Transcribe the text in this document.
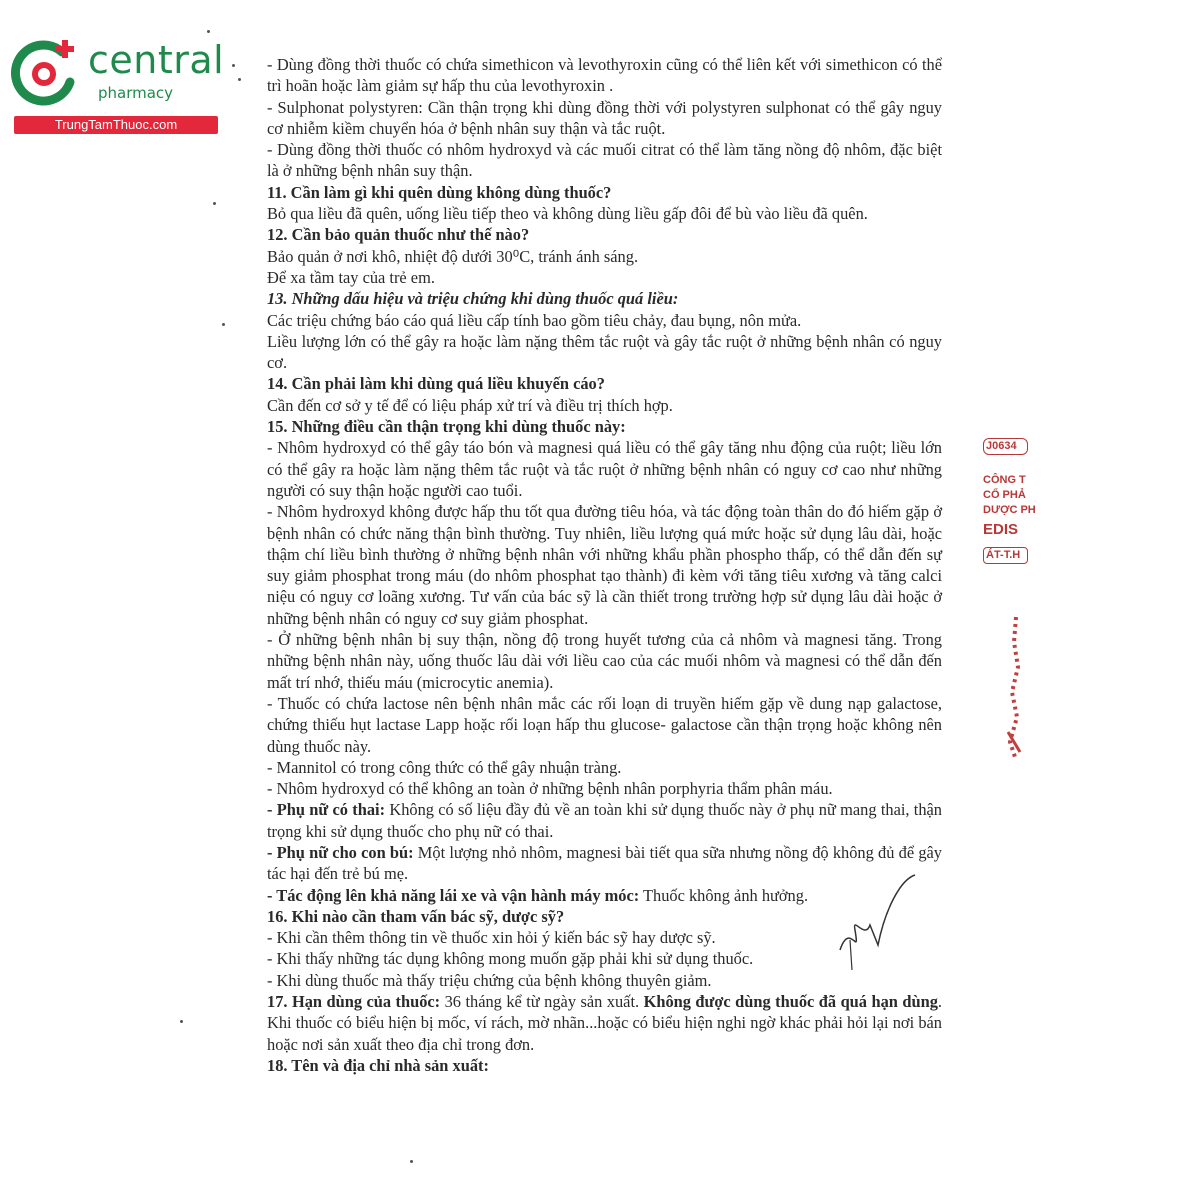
central
pharmacy
TrungTamThuoc.com

- Dùng đồng thời thuốc có chứa simethicon và levothyroxin cũng có thể liên kết với simethicon có thể trì hoãn hoặc làm giảm sự hấp thu của levothyroxin .

- Sulphonat polystyren: Cần thận trọng khi dùng đồng thời với polystyren sulphonat có thể gây nguy cơ nhiễm kiềm chuyển hóa ở bệnh nhân suy thận và tắc ruột.

- Dùng đồng thời thuốc có nhôm hydroxyd và các muối citrat có thể làm tăng nồng độ nhôm, đặc biệt là ở những bệnh nhân suy thận.

11. Cần làm gì khi quên dùng không dùng thuốc?

Bỏ qua liều đã quên, uống liều tiếp theo và không dùng liều gấp đôi để bù vào liều đã quên.

12. Cần bảo quản thuốc như thế nào?

Bảo quản ở nơi khô, nhiệt độ dưới 30⁰C, tránh ánh sáng.

Để xa tầm tay của trẻ em.

13. Những dấu hiệu và triệu chứng khi dùng thuốc quá liều:

Các triệu chứng báo cáo quá liều cấp tính bao gồm tiêu chảy, đau bụng, nôn mửa.

Liều lượng lớn có thể gây ra hoặc làm nặng thêm tắc ruột và gây tắc ruột ở những bệnh nhân có nguy cơ.

14. Cần phải làm khi dùng quá liều khuyến cáo?

Cần đến cơ sở y tế để có liệu pháp xử trí và điều trị thích hợp.

15. Những điều cần thận trọng khi dùng thuốc này:

- Nhôm hydroxyd có thể gây táo bón và magnesi quá liều có thể gây tăng nhu động của ruột; liều lớn có thể gây ra hoặc làm nặng thêm tắc ruột và tắc ruột ở những bệnh nhân có nguy cơ cao như những người có suy thận hoặc người cao tuổi.

- Nhôm hydroxyd không được hấp thu tốt qua đường tiêu hóa, và tác động toàn thân do đó hiếm gặp ở bệnh nhân có chức năng thận bình thường. Tuy nhiên, liều lượng quá mức hoặc sử dụng lâu dài, hoặc thậm chí liều bình thường ở những bệnh nhân với những khẩu phần phospho thấp, có thể dẫn đến sự suy giảm phosphat trong máu (do nhôm phosphat tạo thành) đi kèm với tăng tiêu xương và tăng calci niệu có nguy cơ loãng xương. Tư vấn của bác sỹ là cần thiết trong trường hợp sử dụng lâu dài hoặc ở những bệnh nhân có nguy cơ suy giảm phosphat.

- Ở những bệnh nhân bị suy thận, nồng độ trong huyết tương của cả nhôm và magnesi tăng. Trong những bệnh nhân này, uống thuốc lâu dài với liều cao của các muối nhôm và magnesi có thể dẫn đến mất trí nhớ, thiếu máu (microcytic anemia).

- Thuốc có chứa lactose nên bệnh nhân mắc các rối loạn di truyền hiếm gặp về dung nạp galactose, chứng thiếu hụt lactase Lapp hoặc rối loạn hấp thu glucose- galactose cần thận trọng hoặc không nên dùng thuốc này.

- Mannitol có trong công thức có thể gây nhuận tràng.

- Nhôm hydroxyd có thể không an toàn ở những bệnh nhân porphyria thẩm phân máu.

- Phụ nữ có thai: Không có số liệu đầy đủ về an toàn khi sử dụng thuốc này ở phụ nữ mang thai, thận trọng khi sử dụng thuốc cho phụ nữ có thai.

- Phụ nữ cho con bú: Một lượng nhỏ nhôm, magnesi bài tiết qua sữa nhưng nồng độ không đủ để gây tác hại đến trẻ bú mẹ.

- Tác động lên khả năng lái xe và vận hành máy móc: Thuốc không ảnh hưởng.

16. Khi nào cần tham vấn bác sỹ, dược sỹ?

- Khi cần thêm thông tin về thuốc xin hỏi ý kiến bác sỹ hay dược sỹ.

- Khi thấy những tác dụng không mong muốn gặp phải khi sử dụng thuốc.

- Khi dùng thuốc mà thấy triệu chứng của bệnh không thuyên giảm.

17. Hạn dùng của thuốc: 36 tháng kể từ ngày sản xuất. Không được dùng thuốc đã quá hạn dùng. Khi thuốc có biểu hiện bị mốc, ví rách, mờ nhãn...hoặc có biểu hiện nghi ngờ khác phải hỏi lại nơi bán hoặc nơi sản xuất theo địa chỉ trong đơn.

18. Tên và địa chỉ nhà sản xuất:

J0634
CÔNG T
CỔ PHẢ
DƯỢC PH
EDIS
ÁT-T.H
